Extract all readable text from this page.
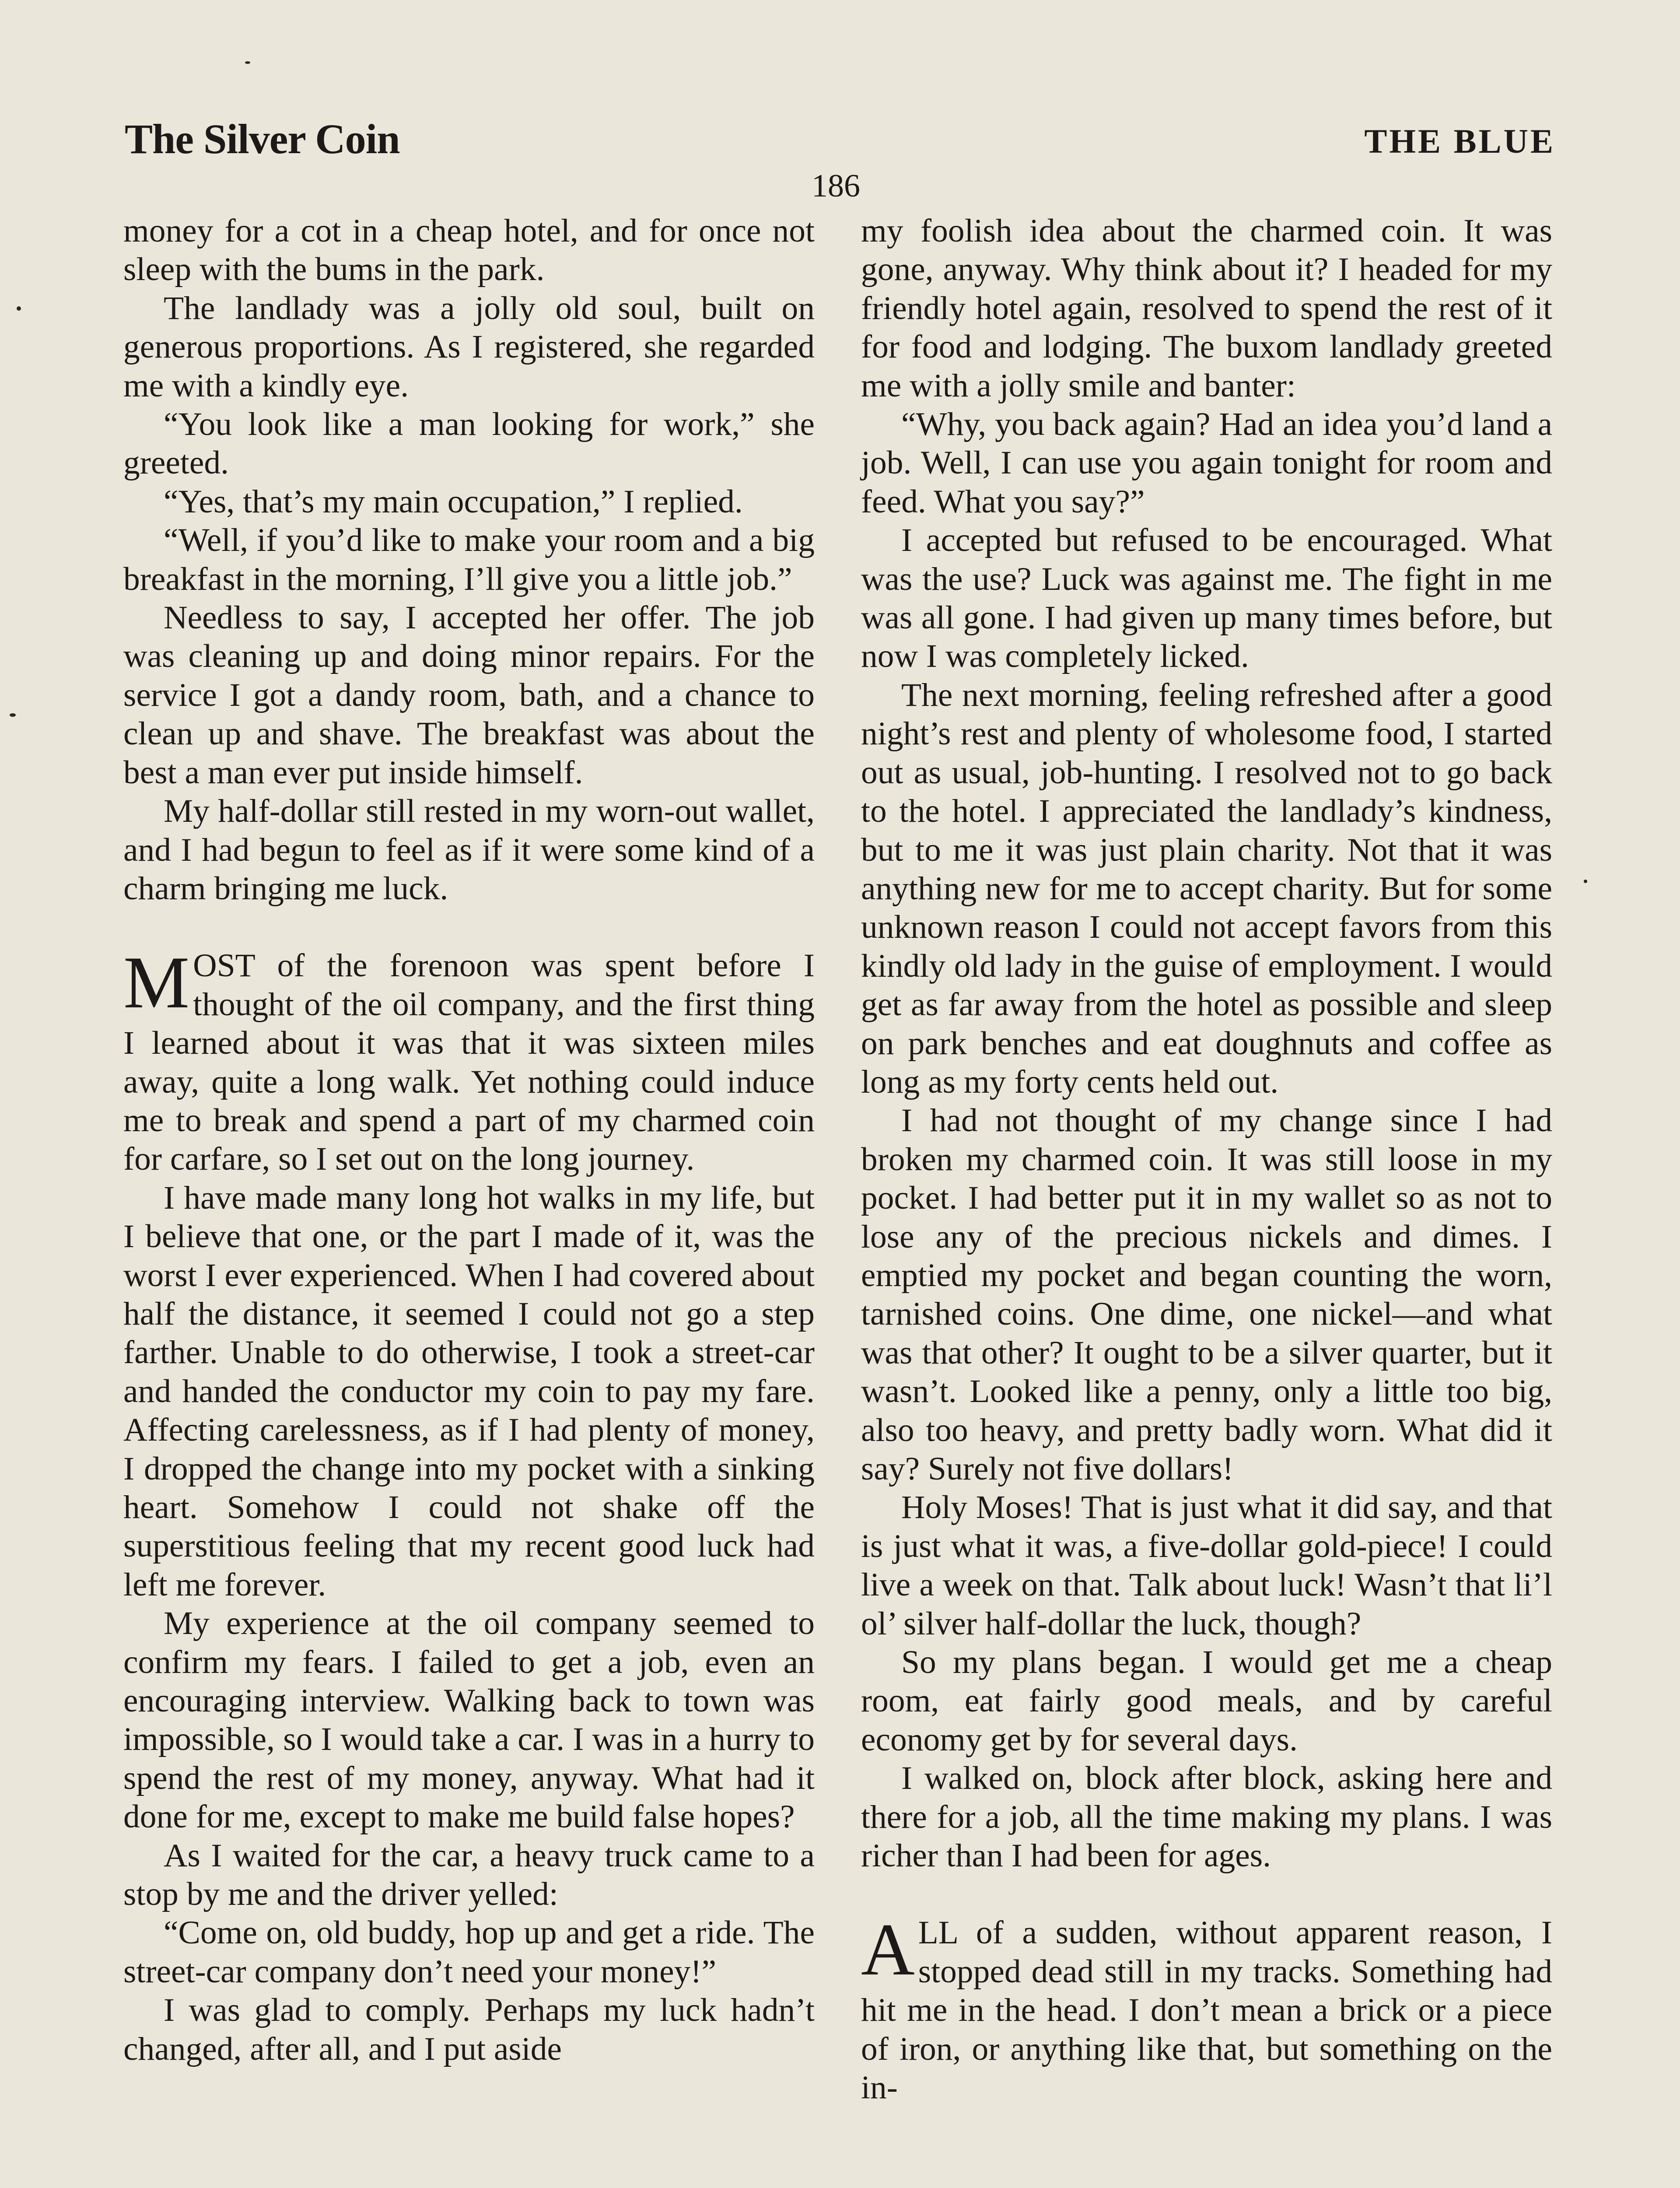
The Silver Coin	THE BLUE
186

money for a cot in a cheap hotel, and for once not sleep with the bums in the park.

The landlady was a jolly old soul, built on generous proportions. As I registered, she regarded me with a kindly eye.

“You look like a man looking for work,” she greeted.

“Yes, that’s my main occupation,” I replied.

“Well, if you’d like to make your room and a big breakfast in the morning, I’ll give you a little job.”

Needless to say, I accepted her offer. The job was cleaning up and doing minor repairs. For the service I got a dandy room, bath, and a chance to clean up and shave. The breakfast was about the best a man ever put inside himself.

My half-dollar still rested in my worn-out wallet, and I had begun to feel as if it were some kind of a charm bringing me luck.

MOST of the forenoon was spent before I thought of the oil company, and the first thing I learned about it was that it was sixteen miles away, quite a long walk. Yet nothing could induce me to break and spend a part of my charmed coin for carfare, so I set out on the long journey.

I have made many long hot walks in my life, but I believe that one, or the part I made of it, was the worst I ever experienced. When I had covered about half the distance, it seemed I could not go a step farther. Unable to do otherwise, I took a street-car and handed the conductor my coin to pay my fare. Affecting carelessness, as if I had plenty of money, I dropped the change into my pocket with a sinking heart. Somehow I could not shake off the superstitious feeling that my recent good luck had left me forever.

My experience at the oil company seemed to confirm my fears. I failed to get a job, even an encouraging interview. Walking back to town was impossible, so I would take a car. I was in a hurry to spend the rest of my money, anyway. What had it done for me, except to make me build false hopes?

As I waited for the car, a heavy truck came to a stop by me and the driver yelled:

“Come on, old buddy, hop up and get a ride. The street-car company don’t need your money!”

I was glad to comply. Perhaps my luck hadn’t changed, after all, and I put aside

my foolish idea about the charmed coin. It was gone, anyway. Why think about it? I headed for my friendly hotel again, resolved to spend the rest of it for food and lodging. The buxom landlady greeted me with a jolly smile and banter:

“Why, you back again? Had an idea you’d land a job. Well, I can use you again tonight for room and feed. What you say?”

I accepted but refused to be encouraged. What was the use? Luck was against me. The fight in me was all gone. I had given up many times before, but now I was completely licked.

The next morning, feeling refreshed after a good night’s rest and plenty of wholesome food, I started out as usual, job-hunting. I resolved not to go back to the hotel. I appreciated the landlady’s kindness, but to me it was just plain charity. Not that it was anything new for me to accept charity. But for some unknown reason I could not accept favors from this kindly old lady in the guise of employment. I would get as far away from the hotel as possible and sleep on park benches and eat doughnuts and coffee as long as my forty cents held out.

I had not thought of my change since I had broken my charmed coin. It was still loose in my pocket. I had better put it in my wallet so as not to lose any of the precious nickels and dimes. I emptied my pocket and began counting the worn, tarnished coins. One dime, one nickel—and what was that other? It ought to be a silver quarter, but it wasn’t. Looked like a penny, only a little too big, also too heavy, and pretty badly worn. What did it say? Surely not five dollars!

Holy Moses! That is just what it did say, and that is just what it was, a five-dollar gold-piece! I could live a week on that. Talk about luck! Wasn’t that li’l ol’ silver half-dollar the luck, though?

So my plans began. I would get me a cheap room, eat fairly good meals, and by careful economy get by for several days.

I walked on, block after block, asking here and there for a job, all the time making my plans. I was richer than I had been for ages.

ALL of a sudden, without apparent reason, I stopped dead still in my tracks. Something had hit me in the head. I don’t mean a brick or a piece of iron, or anything like that, but something on the in-
